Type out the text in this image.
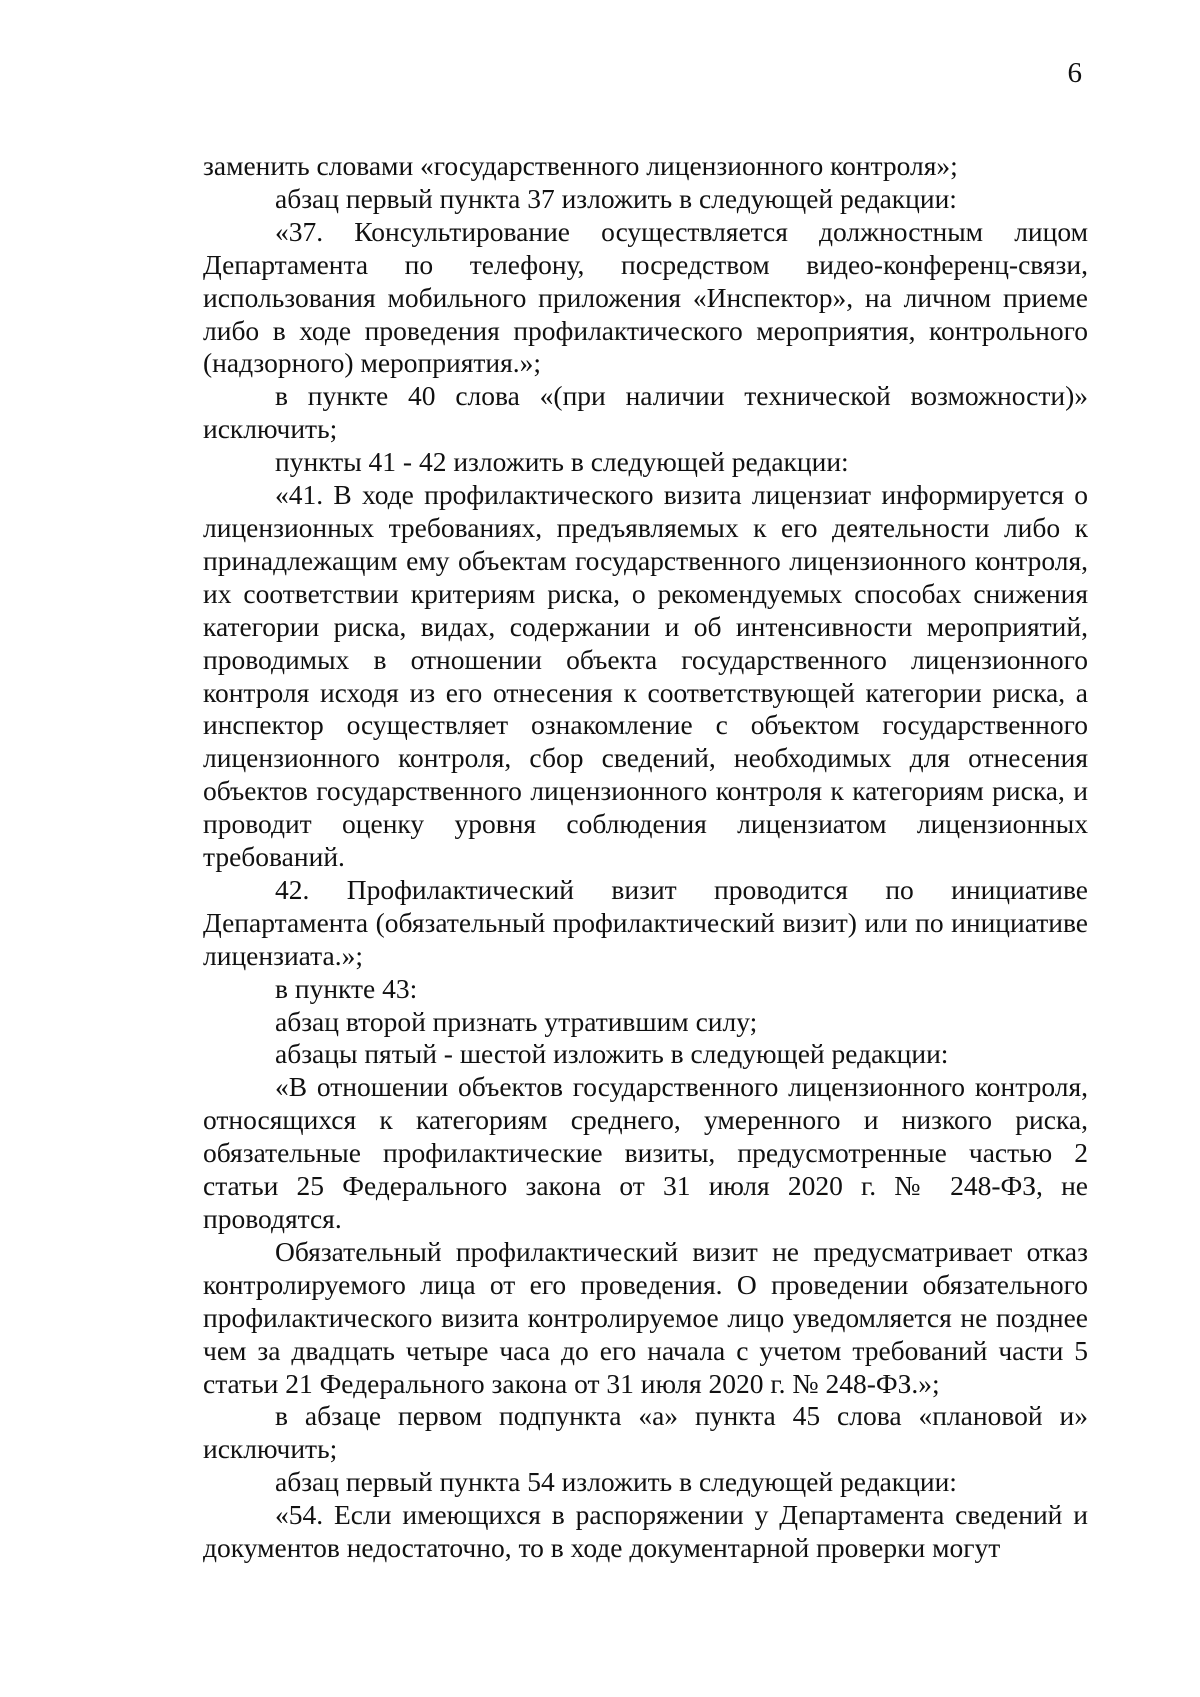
6

заменить словами «государственного лицензионного контроля»;

абзац первый пункта 37 изложить в следующей редакции:

«37. Консультирование осуществляется должностным лицом Департамента по телефону, посредством видео-конференц-связи, использования мобильного приложения «Инспектор», на личном приеме либо в ходе проведения профилактического мероприятия, контрольного (надзорного) мероприятия.»;

в пункте 40 слова «(при наличии технической возможности)» исключить;

пункты 41 - 42 изложить в следующей редакции:

«41. В ходе профилактического визита лицензиат информируется о лицензионных требованиях, предъявляемых к его деятельности либо к принадлежащим ему объектам государственного лицензионного контроля, их соответствии критериям риска, о рекомендуемых способах снижения категории риска, видах, содержании и об интенсивности мероприятий, проводимых в отношении объекта государственного лицензионного контроля исходя из его отнесения к соответствующей категории риска, а инспектор осуществляет ознакомление с объектом государственного лицензионного контроля, сбор сведений, необходимых для отнесения объектов государственного лицензионного контроля к категориям риска, и проводит оценку уровня соблюдения лицензиатом лицензионных требований.

42. Профилактический визит проводится по инициативе Департамента (обязательный профилактический визит) или по инициативе лицензиата.»;

в пункте 43:

абзац второй признать утратившим силу;

абзацы пятый - шестой изложить в следующей редакции:

«В отношении объектов государственного лицензионного контроля, относящихся к категориям среднего, умеренного и низкого риска, обязательные профилактические визиты, предусмотренные частью 2 статьи 25 Федерального закона от 31 июля 2020 г. № 248-ФЗ, не проводятся.

Обязательный профилактический визит не предусматривает отказ контролируемого лица от его проведения. О проведении обязательного профилактического визита контролируемое лицо уведомляется не позднее чем за двадцать четыре часа до его начала с учетом требований части 5 статьи 21 Федерального закона от 31 июля 2020 г. № 248-ФЗ.»;

в абзаце первом подпункта «а» пункта 45 слова «плановой и» исключить;

абзац первый пункта 54 изложить в следующей редакции:

«54. Если имеющихся в распоряжении у Департамента сведений и документов недостаточно, то в ходе документарной проверки могут
